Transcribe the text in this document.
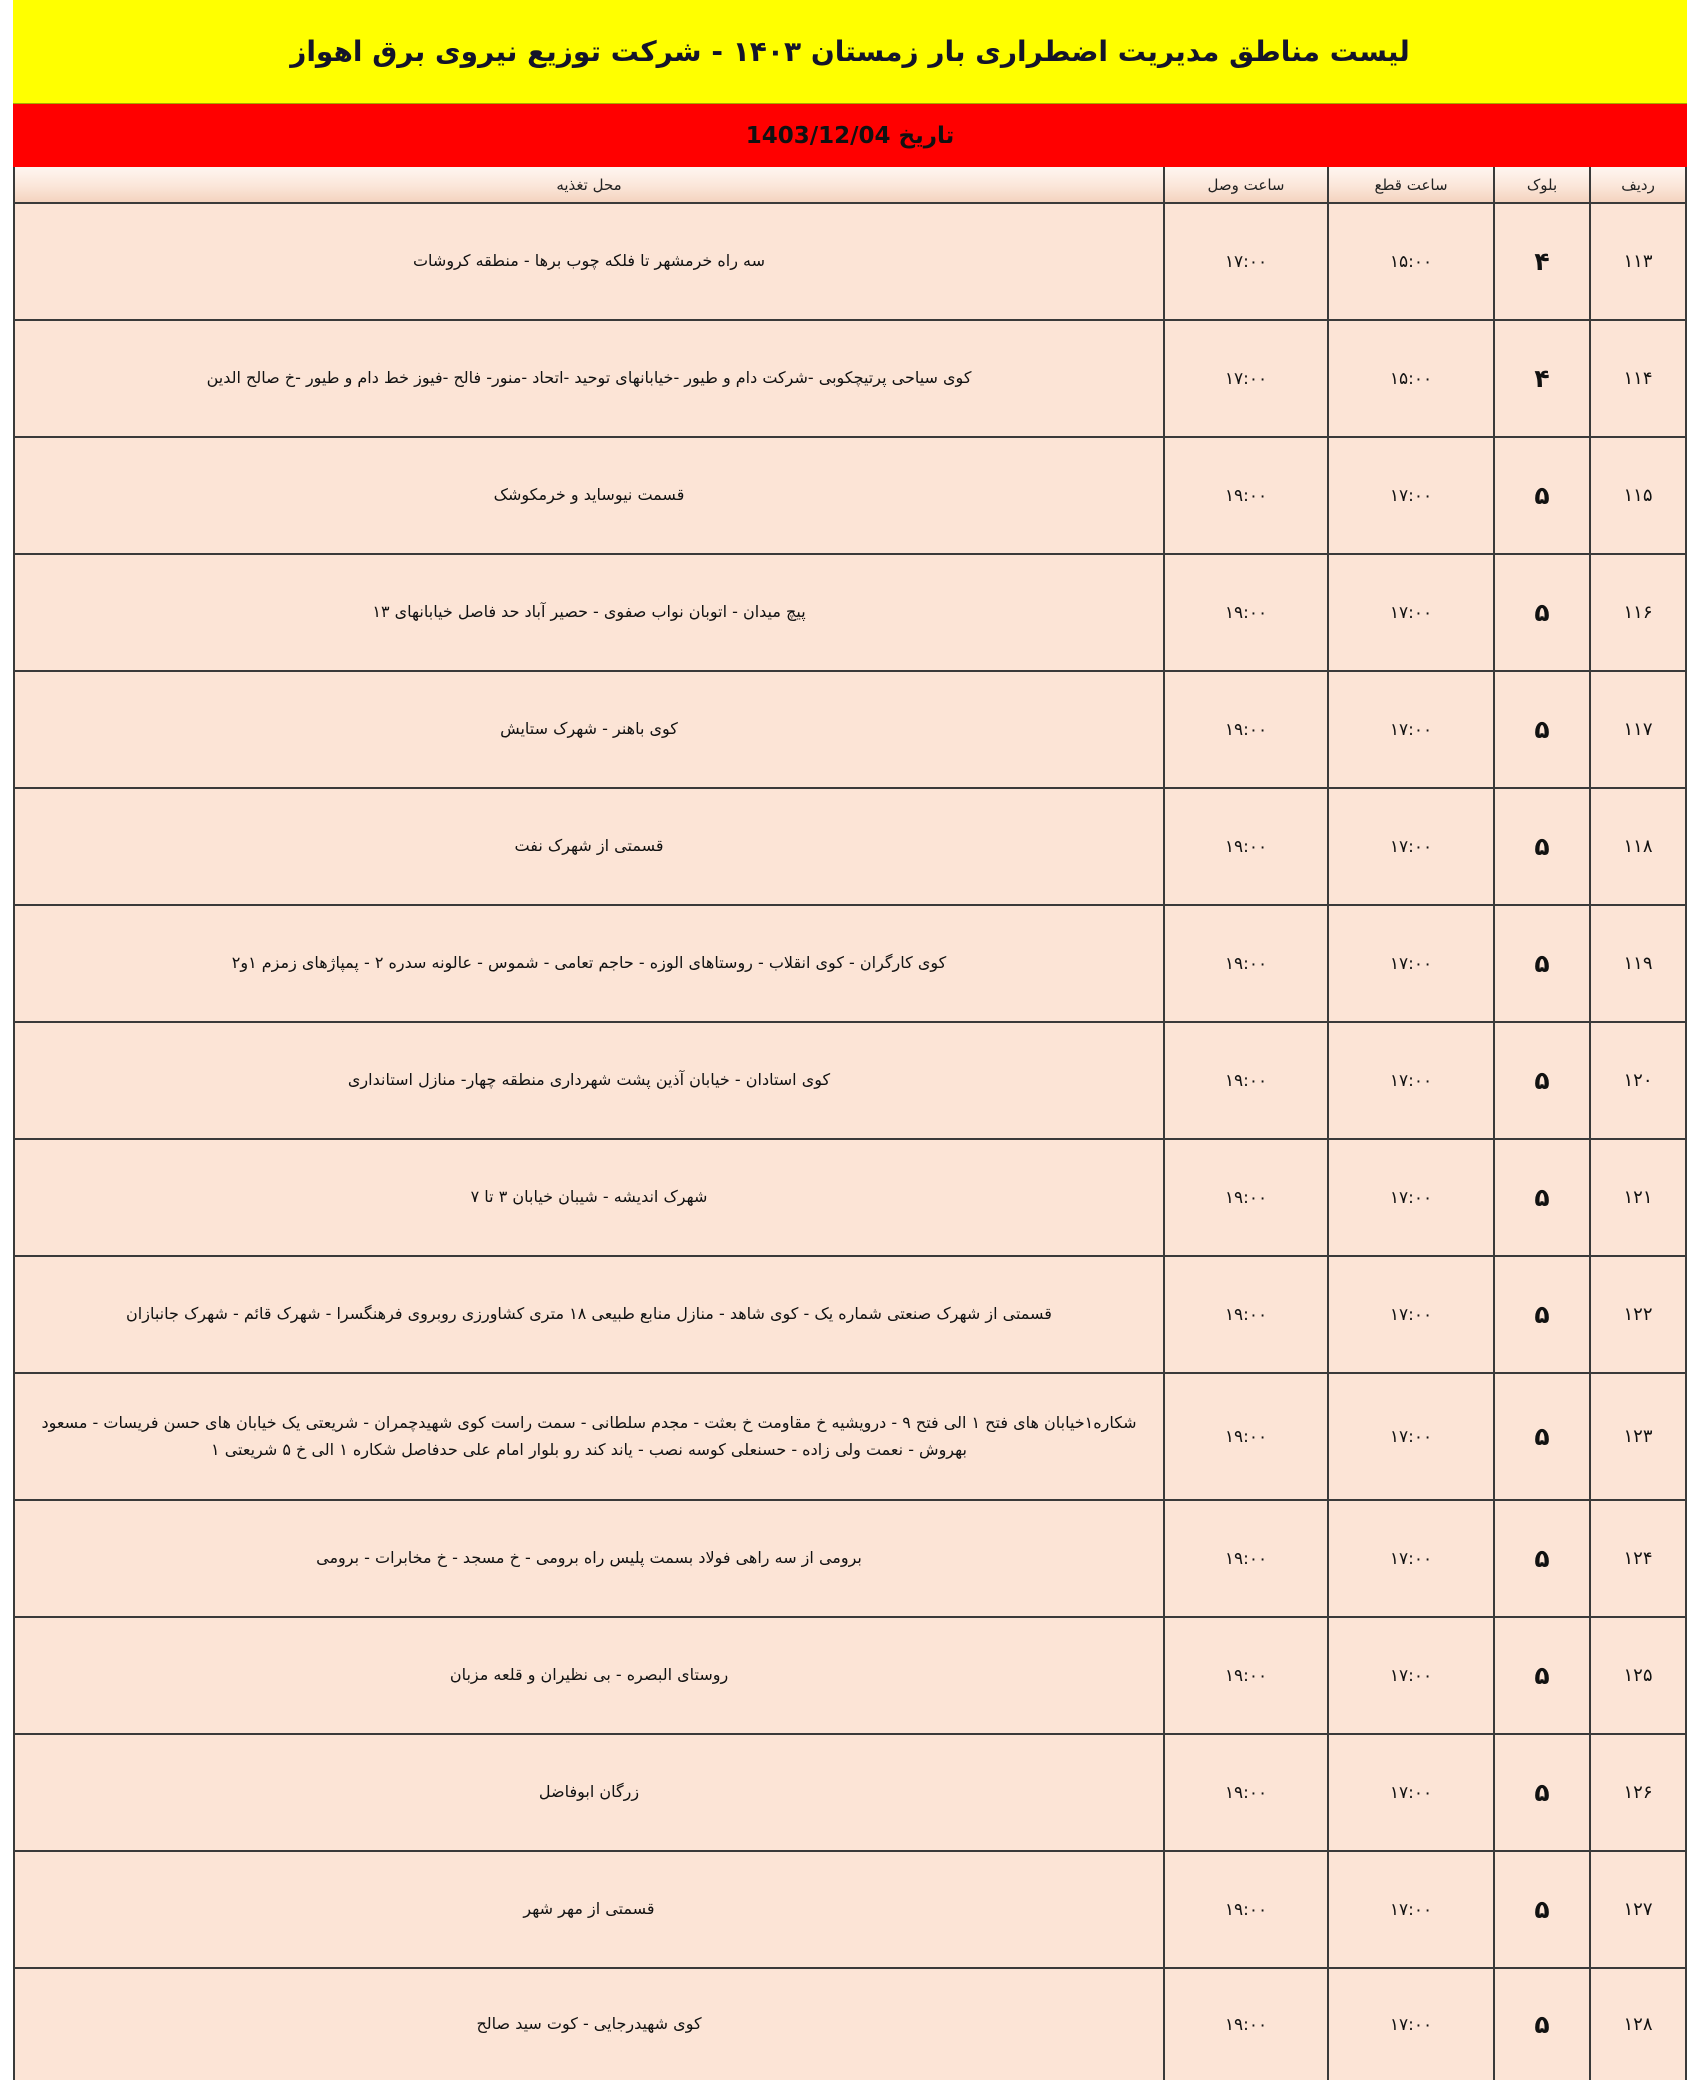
لیست مناطق مدیریت اضطراری بار زمستان ۱۴۰۳ - شرکت توزیع نیروی برق اهواز
تاریخ 1403/12/04
ردیف
بلوک
ساعت قطع
ساعت وصل
محل تغذیه
۱۱۳
۴
۱۵:۰۰
۱۷:۰۰
سه راه خرمشهر تا فلکه چوب برها - منطقه کروشات
۱۱۴
۴
۱۵:۰۰
۱۷:۰۰
کوی سیاحی پرتیچکوبی -شرکت دام و طیور -خیابانهای توحید -اتحاد -منور- فالح -فیوز خط دام و طیور -خ صالح الدین
۱۱۵
۵
۱۷:۰۰
۱۹:۰۰
قسمت نیوساید و خرمکوشک
۱۱۶
۵
۱۷:۰۰
۱۹:۰۰
پیچ میدان - اتوبان نواب صفوی - حصیر آباد حد فاصل خیابانهای ۱۳
۱۱۷
۵
۱۷:۰۰
۱۹:۰۰
کوی باهنر - شهرک ستایش
۱۱۸
۵
۱۷:۰۰
۱۹:۰۰
قسمتی از شهرک نفت
۱۱۹
۵
۱۷:۰۰
۱۹:۰۰
کوی کارگران - کوی انقلاب - روستاهای الوزه - حاجم تعامی - شموس - عالونه سدره ۲ - پمپاژهای زمزم ۱و۲
۱۲۰
۵
۱۷:۰۰
۱۹:۰۰
کوی استادان - خیابان آذین پشت شهرداری منطقه چهار- منازل استانداری
۱۲۱
۵
۱۷:۰۰
۱۹:۰۰
شهرک اندیشه - شیبان خیابان ۳ تا ۷
۱۲۲
۵
۱۷:۰۰
۱۹:۰۰
قسمتی از شهرک صنعتی شماره یک - کوی شاهد - منازل منابع طبیعی ۱۸ متری کشاورزی روبروی فرهنگسرا - شهرک قائم - شهرک جانبازان
۱۲۳
۵
۱۷:۰۰
۱۹:۰۰
شکاره۱خیابان های فتح ۱ الی فتح ۹ - درویشیه خ مقاومت خ بعثت - مجدم سلطانی - سمت راست کوی شهیدچمران - شریعتی یک خیابان های حسن فریسات - مسعود بهروش - نعمت ولی زاده - حسنعلی کوسه نصب - یاند کند رو بلوار امام علی حدفاصل شکاره ۱ الی خ ۵ شریعتی ۱
۱۲۴
۵
۱۷:۰۰
۱۹:۰۰
برومی از سه راهی فولاد بسمت پلیس راه برومی - خ مسجد - خ مخابرات - برومی
۱۲۵
۵
۱۷:۰۰
۱۹:۰۰
روستای البصره - بی نظیران و قلعه مزبان
۱۲۶
۵
۱۷:۰۰
۱۹:۰۰
زرگان ابوفاضل
۱۲۷
۵
۱۷:۰۰
۱۹:۰۰
قسمتی از مهر شهر
۱۲۸
۵
۱۷:۰۰
۱۹:۰۰
کوی شهیدرجایی - کوت سید صالح
